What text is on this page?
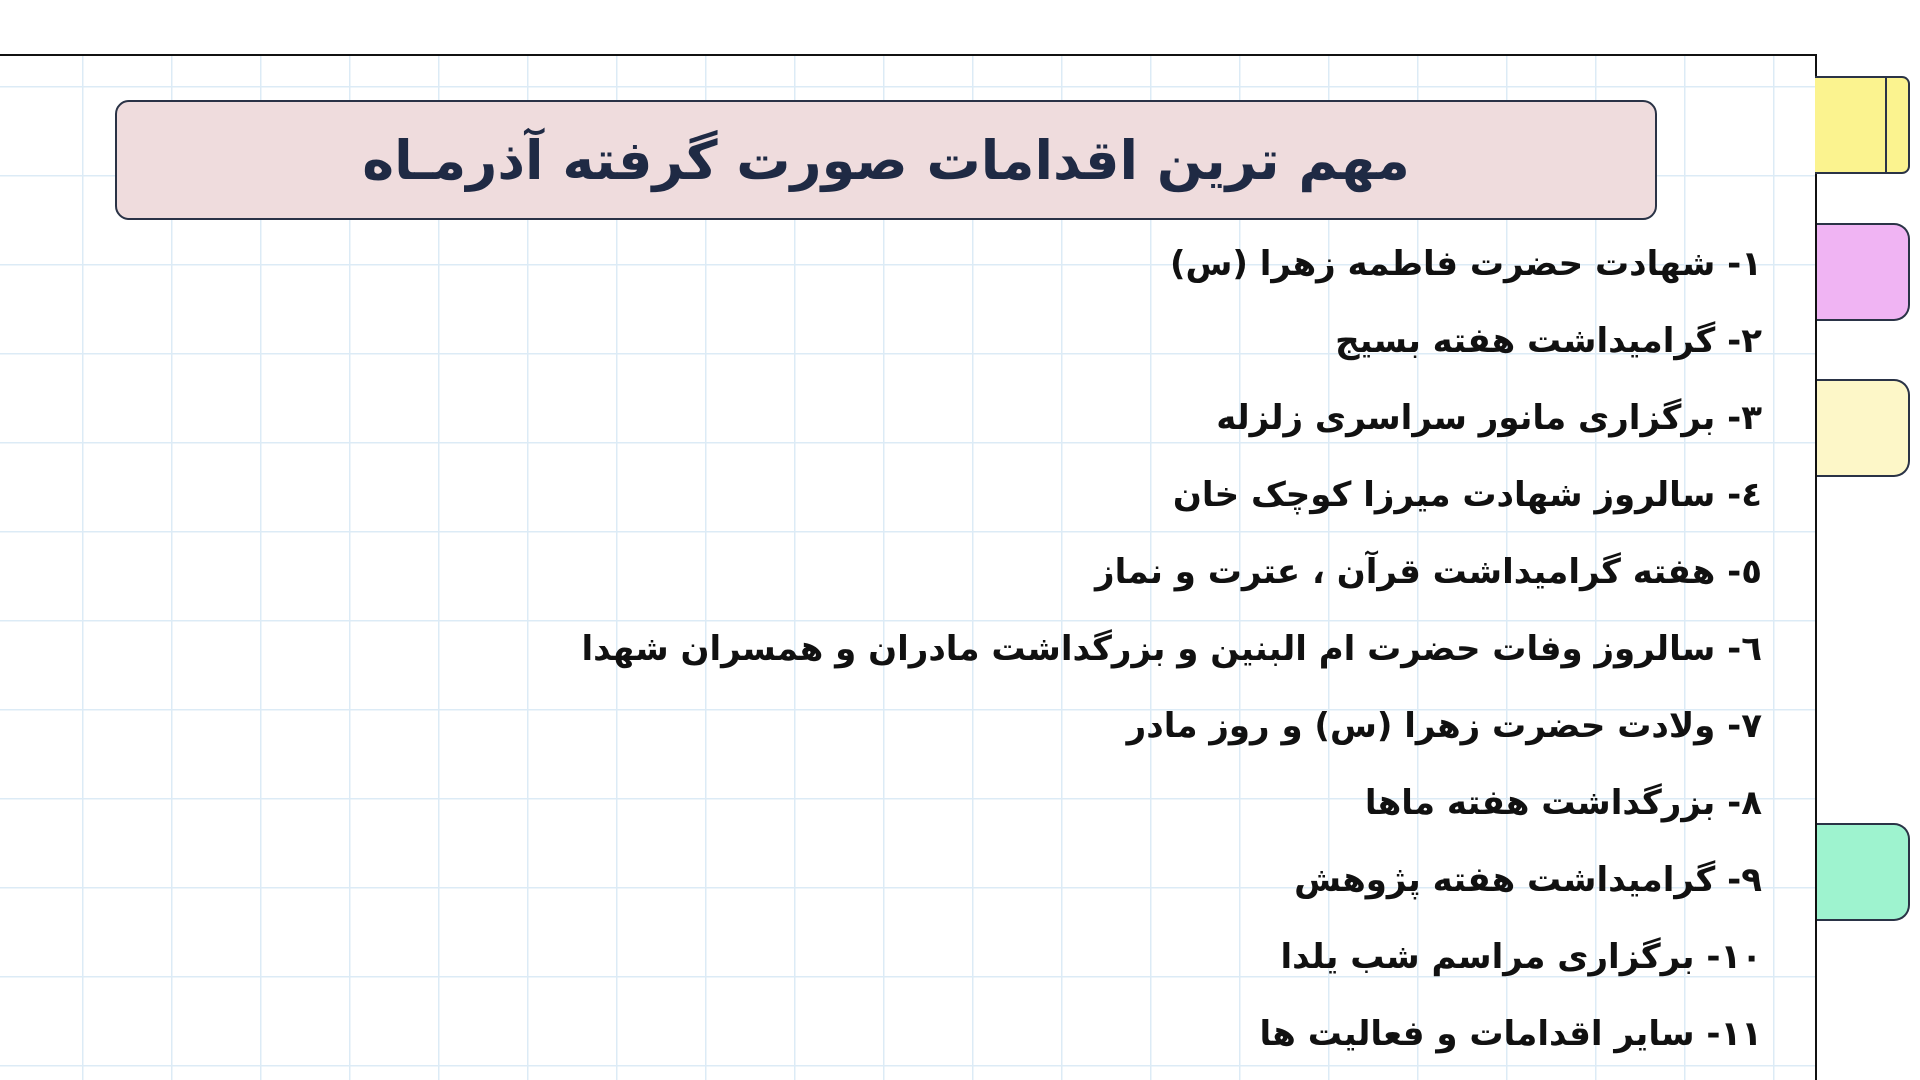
مهم ترین اقدامات صورت گرفته آذرمـاه
۱- شهادت حضرت فاطمه زهرا (س)
۲- گرامیداشت هفته بسیج
۳- برگزاری مانور سراسری زلزله
٤- سالروز شهادت میرزا کوچک خان
٥- هفته گرامیداشت قرآن ، عترت و نماز
٦- سالروز وفات حضرت ام البنین و بزرگداشت مادران و همسران شهدا
۷- ولادت حضرت زهرا (س) و روز مادر
۸- بزرگداشت هفته ماها
۹- گرامیداشت هفته پژوهش
۱۰- برگزاری مراسم شب یلدا
۱۱- سایر اقدامات و فعالیت ها
